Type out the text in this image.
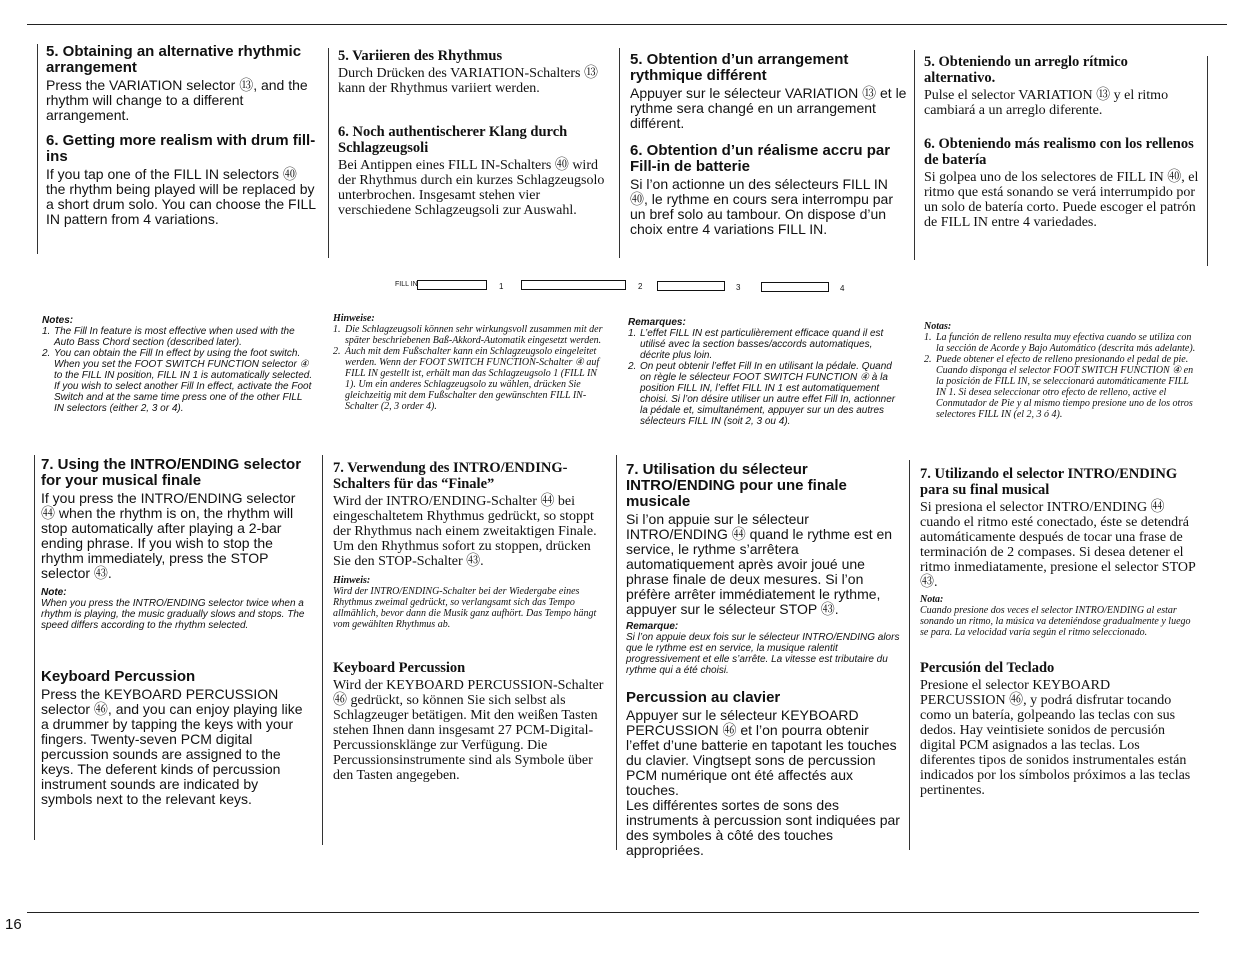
5. Obtaining an alternative rhythmic arrangement

Press the VARIATION selector ⑬, and the rhythm will change to a different arrangement.

6. Getting more realism with drum fill-ins

If you tap one of the FILL IN selectors ㊵ the rhythm being played will be replaced by a short drum solo. You can choose the FILL IN pattern from 4 variations.

5. Variieren des Rhythmus

Durch Drücken des VARIATION-Schalters ⑬ kann der Rhythmus variiert werden.

6. Noch authentischerer Klang durch Schlagzeugsoli

Bei Antippen eines FILL IN-Schalters ㊵ wird der Rhythmus durch ein kurzes Schlagzeugsolo unterbrochen. Insgesamt stehen vier verschiedene Schlagzeugsoli zur Auswahl.

5. Obtention d’un arrangement rythmique différent

Appuyer sur le sélecteur VARIATION ⑬ et le rythme sera changé en un arrangement différent.

6. Obtention d’un réalisme accru par Fill-in de batterie

Si l’on actionne un des sélecteurs FILL IN ㊵, le rythme en cours sera interrompu par un bref solo au tambour. On dispose d’un choix entre 4 variations FILL IN.

5. Obteniendo un arreglo rítmico alternativo.

Pulse el selector VARIATION ⑬ y el ritmo cambiará a un arreglo diferente.

6. Obteniendo más realismo con los rellenos de batería

Si golpea uno de los selectores de FILL IN ㊵, el ritmo que está sonando se verá interrumpido por un solo de batería corto. Puede escoger el patrón de FILL IN entre 4 variedades.

FILL IN	1	2	3	4
Notes:
1. The Fill In feature is most effective when used with the Auto Bass Chord section (described later).
2. You can obtain the Fill In effect by using the foot switch. When you set the FOOT SWITCH FUNCTION selector ④ to the FILL IN position, FILL IN 1 is automatically selected. If you wish to select another Fill In effect, activate the Foot Switch and at the same time press one of the other FILL IN selectors (either 2, 3 or 4).
Hinweise:
1. Die Schlagzeugsoli können sehr wirkungsvoll zusammen mit der später beschriebenen Baß-Akkord-Automatik eingesetzt werden.
2. Auch mit dem Fußschalter kann ein Schlagzeugsolo eingeleitet werden. Wenn der FOOT SWITCH FUNCTION-Schalter ④ auf FILL IN gestellt ist, erhält man das Schlagzeugsolo 1 (FILL IN 1). Um ein anderes Schlagzeugsolo zu wählen, drücken Sie gleichzeitig mit dem Fußschalter den gewünschten FILL IN-Schalter (2, 3 order 4).
Remarques:
1. L’effet FILL IN est particulièrement efficace quand il est utilisé avec la section basses/accords automatiques, décrite plus loin.
2. On peut obtenir l’effet Fill In en utilisant la pédale. Quand on règle le sélecteur FOOT SWITCH FUNCTION ④ à la position FILL IN, l’effet FILL IN 1 est automatiquement choisi. Si l’on désire utiliser un autre effet Fill In, actionner la pédale et, simultanément, appuyer sur un des autres sélecteurs FILL IN (soit 2, 3 ou 4).
Notas:
1. La función de relleno resulta muy efectiva cuando se utiliza con la sección de Acorde y Bajo Automático (descrita más adelante).
2. Puede obtener el efecto de relleno presionando el pedal de pie. Cuando disponga el selector FOOT SWITCH FUNCTION ④ en la posición de FILL IN, se seleccionará automáticamente FILL IN 1. Si desea seleccionar otro efecto de relleno, active el Conmutador de Pie y al mismo tiempo presione uno de los otros selectores FILL IN (el 2, 3 ó 4).
7. Using the INTRO/ENDING selector for your musical finale

If you press the INTRO/ENDING selector ㊹ when the rhythm is on, the rhythm will stop automatically after playing a 2-bar ending phrase. If you wish to stop the rhythm immediately, press the STOP selector ㊸.

Note:

When you press the INTRO/ENDING selector twice when a rhythm is playing, the music gradually slows and stops. The speed differs according to the rhythm selected.

Keyboard Percussion

Press the KEYBOARD PERCUSSION selector ㊻, and you can enjoy playing like a drummer by tapping the keys with your fingers. Twenty-seven PCM digital percussion sounds are assigned to the keys. The deferent kinds of percussion instrument sounds are indicated by symbols next to the relevant keys.

7. Verwendung des INTRO/ENDING-Schalters für das “Finale”

Wird der INTRO/ENDING-Schalter ㊹ bei eingeschaltetem Rhythmus gedrückt, so stoppt der Rhythmus nach einem zweitaktigen Finale. Um den Rhythmus sofort zu stoppen, drücken Sie den STOP-Schalter ㊸.

Hinweis:

Wird der INTRO/ENDING-Schalter bei der Wiedergabe eines Rhythmus zweimal gedrückt, so verlangsamt sich das Tempo allmählich, bevor dann die Musik ganz aufhört. Das Tempo hängt vom gewählten Rhythmus ab.

Keyboard Percussion

Wird der KEYBOARD PERCUSSION-Schalter ㊻ gedrückt, so können Sie sich selbst als Schlagzeuger betätigen. Mit den weißen Tasten stehen Ihnen dann insgesamt 27 PCM-Digital-Percussionsklänge zur Verfügung. Die Percussionsinstrumente sind als Symbole über den Tasten angegeben.

7. Utilisation du sélecteur INTRO/ENDING pour une finale musicale

Si l’on appuie sur le sélecteur INTRO/ENDING ㊹ quand le rythme est en service, le rythme s’arrêtera automatiquement après avoir joué une phrase finale de deux mesures. Si l’on préfère arrêter immédiatement le rythme, appuyer sur le sélecteur STOP ㊸.

Remarque:

Si l’on appuie deux fois sur le sélecteur INTRO/ENDING alors que le rythme est en service, la musique ralentit progressivement et elle s’arrête. La vitesse est tributaire du rythme qui a été choisi.

Percussion au clavier

Appuyer sur le sélecteur KEYBOARD PERCUSSION ㊻ et l’on pourra obtenir l’effet d’une batterie en tapotant les touches du clavier. Vingtsept sons de percussion PCM numérique ont été affectés aux touches.

Les différentes sortes de sons des instruments à percussion sont indiquées par des symboles à côté des touches appropriées.

7. Utilizando el selector INTRO/ENDING para su final musical

Si presiona el selector INTRO/ENDING ㊹ cuando el ritmo esté conectado, éste se detendrá automáticamente después de tocar una frase de terminación de 2 compases. Si desea detener el ritmo inmediatamente, presione el selector STOP ㊸.

Nota:

Cuando presione dos veces el selector INTRO/ENDING al estar sonando un ritmo, la música va deteniéndose gradualmente y luego se para. La velocidad varía según el ritmo seleccionado.

Percusión del Teclado

Presione el selector KEYBOARD PERCUSSION ㊻, y podrá disfrutar tocando como un batería, golpeando las teclas con sus dedos. Hay veintisiete sonidos de percusión digital PCM asignados a las teclas. Los diferentes tipos de sonidos instrumentales están indicados por los símbolos próximos a las teclas pertinentes.

16
